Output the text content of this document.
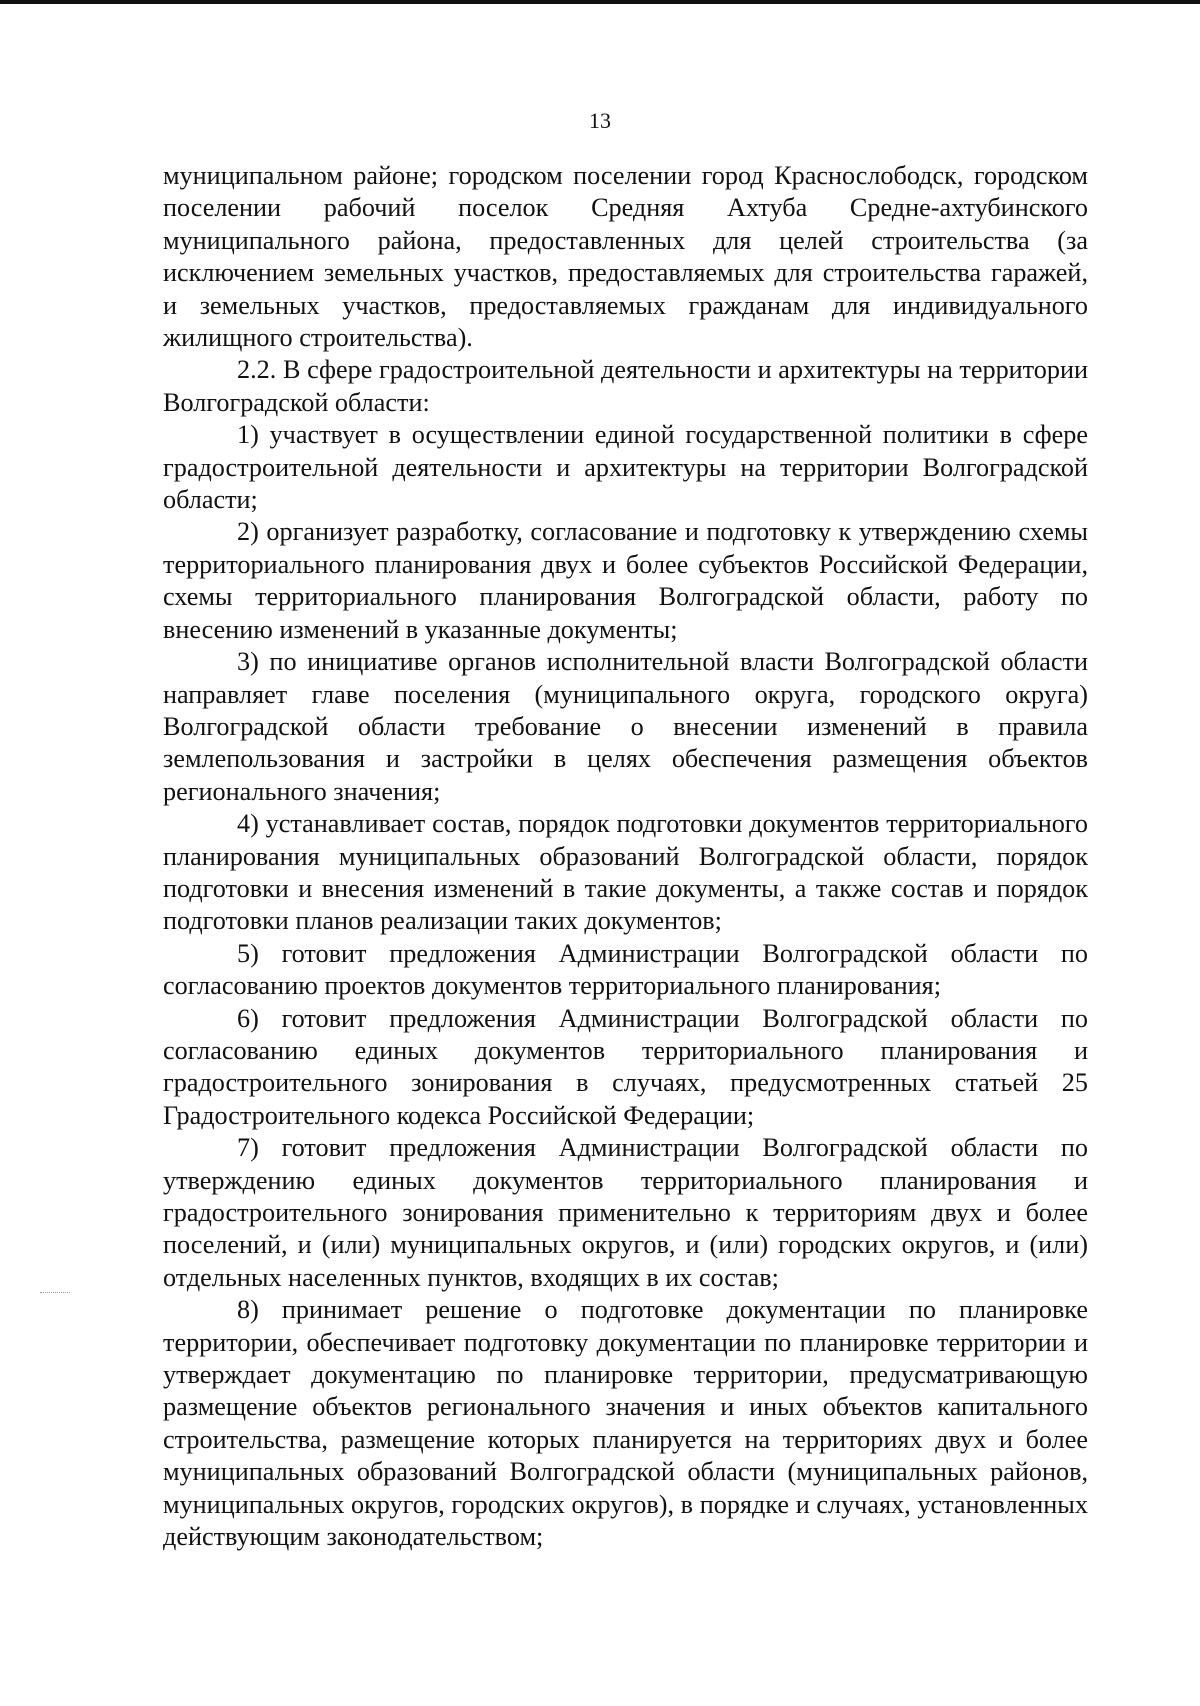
13

муниципальном районе; городском поселении город Краснослободск, городском поселении рабочий поселок Средняя Ахтуба Средне-ахтубинского муниципального района, предоставленных для целей строительства (за исключением земельных участков, предоставляемых для строительства гаражей, и земельных участков, предоставляемых гражданам для индивидуального жилищного строительства).

2.2. В сфере градостроительной деятельности и архитектуры на территории Волгоградской области:

1) участвует в осуществлении единой государственной политики в сфере градостроительной деятельности и архитектуры на территории Волгоградской области;

2) организует разработку, согласование и подготовку к утверждению схемы территориального планирования двух и более субъектов Российской Федерации, схемы территориального планирования Волгоградской области, работу по внесению изменений в указанные документы;

3) по инициативе органов исполнительной власти Волгоградской области направляет главе поселения (муниципального округа, городского округа) Волгоградской области требование о внесении изменений в правила землепользования и застройки в целях обеспечения размещения объектов регионального значения;

4) устанавливает состав, порядок подготовки документов территориального планирования муниципальных образований Волгоградской области, порядок подготовки и внесения изменений в такие документы, а также состав и порядок подготовки планов реализации таких документов;

5) готовит предложения Администрации Волгоградской области по согласованию проектов документов территориального планирования;

6) готовит предложения Администрации Волгоградской области по согласованию единых документов территориального планирования и градостроительного зонирования в случаях, предусмотренных статьей 25 Градостроительного кодекса Российской Федерации;

7) готовит предложения Администрации Волгоградской области по утверждению единых документов территориального планирования и градостроительного зонирования применительно к территориям двух и более поселений, и (или) муниципальных округов, и (или) городских округов, и (или) отдельных населенных пунктов, входящих в их состав;

8) принимает решение о подготовке документации по планировке территории, обеспечивает подготовку документации по планировке территории и утверждает документацию по планировке территории, предусматривающую размещение объектов регионального значения и иных объектов капитального строительства, размещение которых планируется на территориях двух и более муниципальных образований Волгоградской области (муниципальных районов, муниципальных округов, городских округов), в порядке и случаях, установленных действующим законодательством;
